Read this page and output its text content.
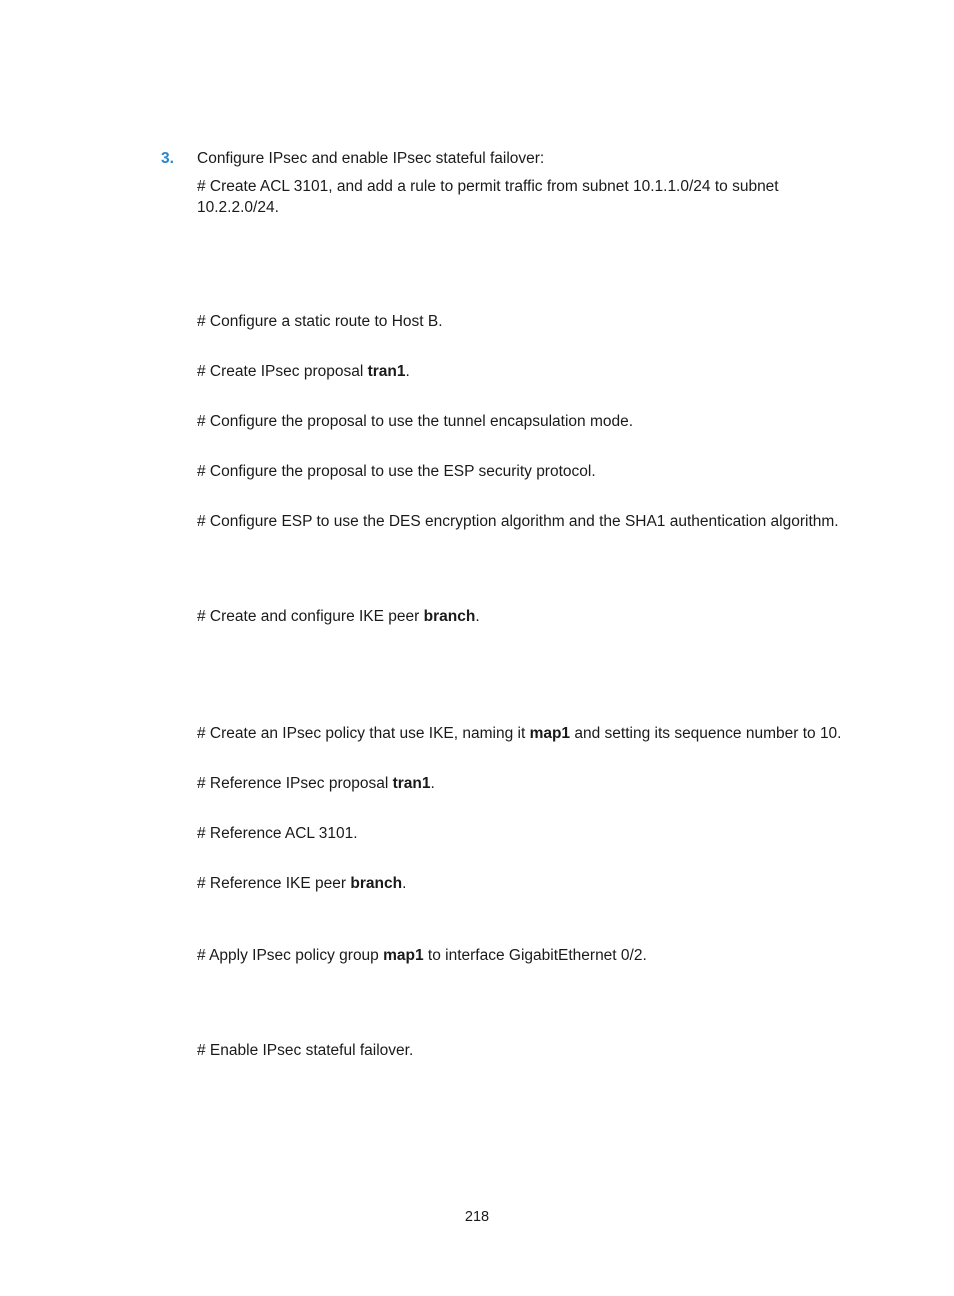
3. Configure IPsec and enable IPsec stateful failover:
# Create ACL 3101, and add a rule to permit traffic from subnet 10.1.1.0/24 to subnet
10.2.2.0/24.
# Configure a static route to Host B.
# Create IPsec proposal tran1.
# Configure the proposal to use the tunnel encapsulation mode.
# Configure the proposal to use the ESP security protocol.
# Configure ESP to use the DES encryption algorithm and the SHA1 authentication algorithm.
# Create and configure IKE peer branch.
# Create an IPsec policy that use IKE, naming it map1 and setting its sequence number to 10.
# Reference IPsec proposal tran1.
# Reference ACL 3101.
# Reference IKE peer branch.
# Apply IPsec policy group map1 to interface GigabitEthernet 0/2.
# Enable IPsec stateful failover.
218
